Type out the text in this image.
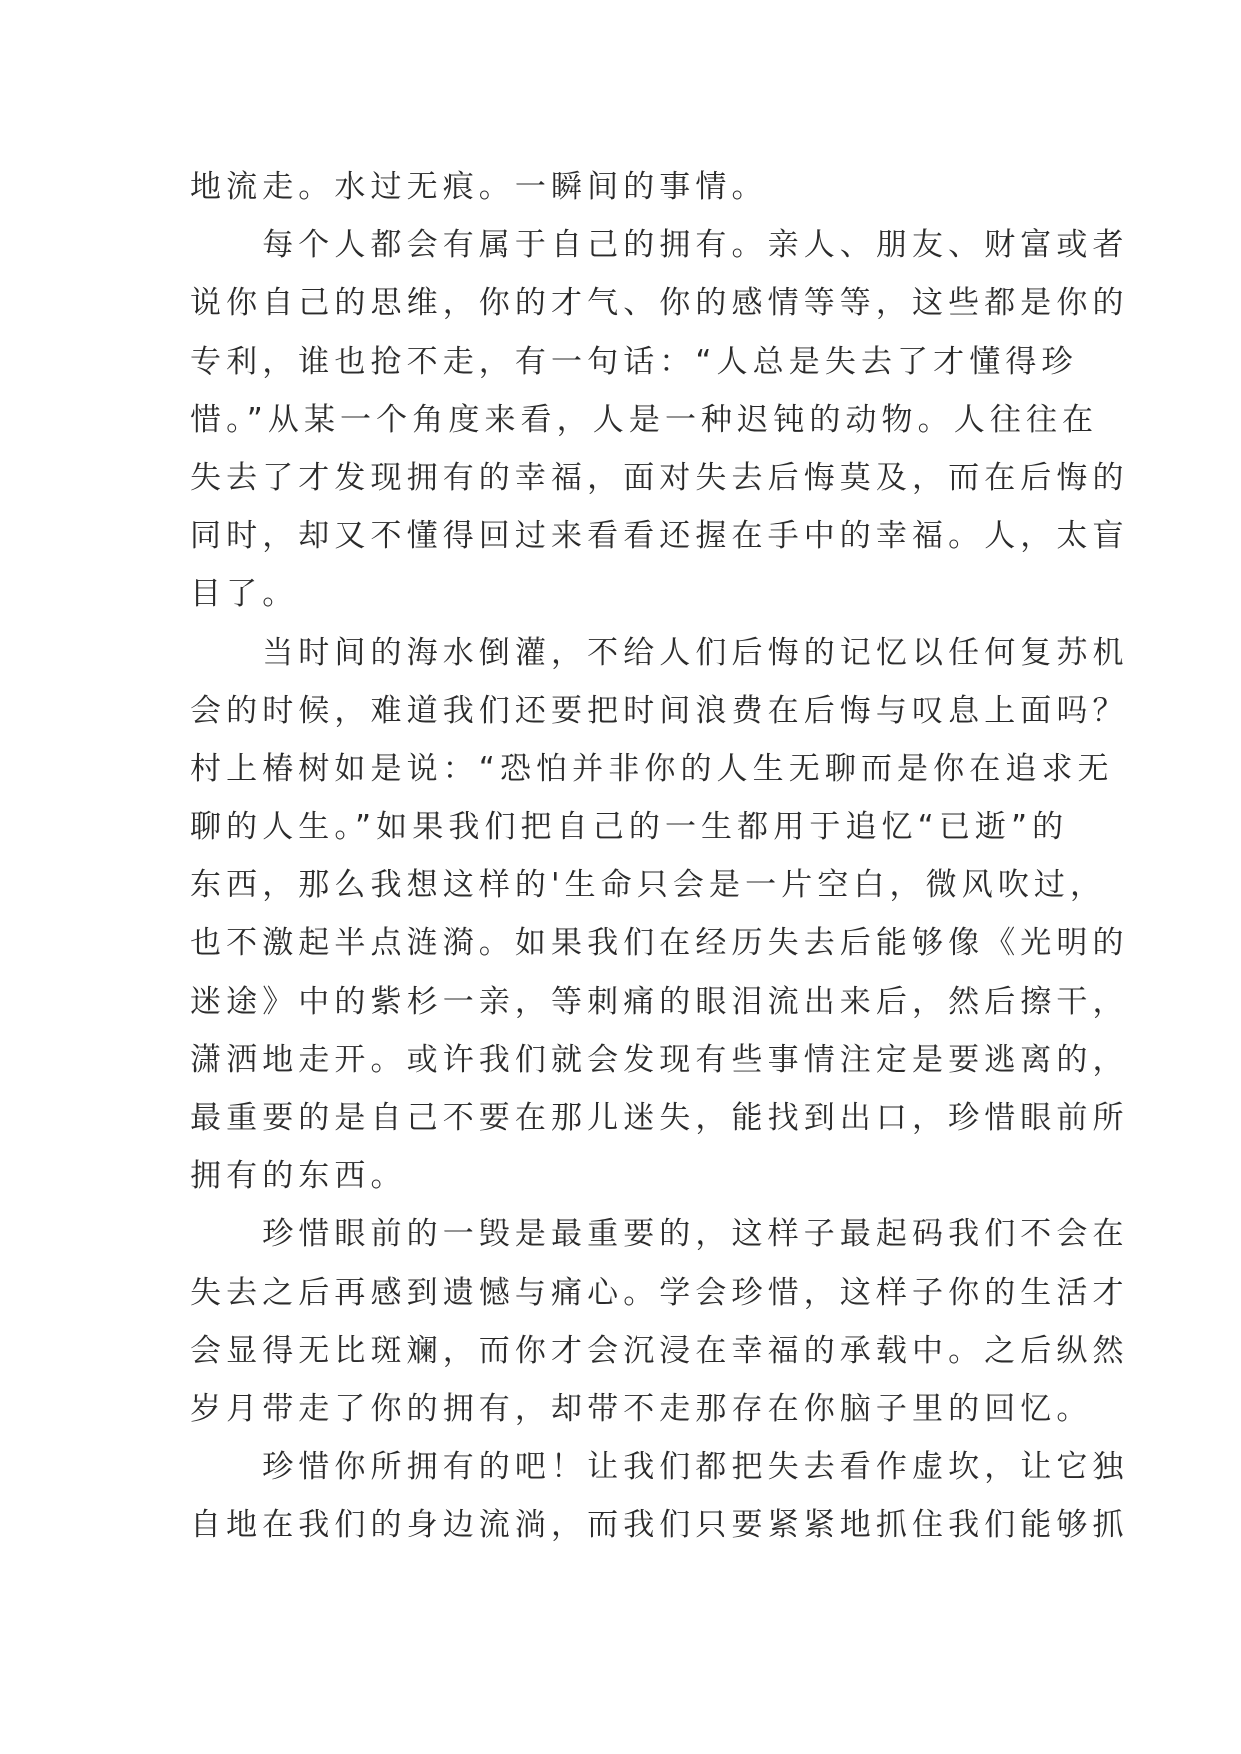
地流走。水过无痕。一瞬间的事情。
　　每个人都会有属于自己的拥有。亲人、朋友、财富或者
说你自己的思维，你的才气、你的感情等等，这些都是你的
专利，谁也抢不走，有一句话：“人总是失去了才懂得珍
惜。”从某一个角度来看，人是一种迟钝的动物。人往往在
失去了才发现拥有的幸福，面对失去后悔莫及，而在后悔的
同时，却又不懂得回过来看看还握在手中的幸福。人，太盲
目了。
　　当时间的海水倒灌，不给人们后悔的记忆以任何复苏机
会的时候，难道我们还要把时间浪费在后悔与叹息上面吗？
村上椿树如是说：“恐怕并非你的人生无聊而是你在追求无
聊的人生。”如果我们把自己的一生都用于追忆“已逝”的
东西，那么我想这样的'生命只会是一片空白，微风吹过，
也不激起半点涟漪。如果我们在经历失去后能够像《光明的
迷途》中的紫杉一亲，等刺痛的眼泪流出来后，然后擦干，
潇洒地走开。或许我们就会发现有些事情注定是要逃离的，
最重要的是自己不要在那儿迷失，能找到出口，珍惜眼前所
拥有的东西。
　　珍惜眼前的一毁是最重要的，这样子最起码我们不会在
失去之后再感到遗憾与痛心。学会珍惜，这样子你的生活才
会显得无比斑斓，而你才会沉浸在幸福的承载中。之后纵然
岁月带走了你的拥有，却带不走那存在你脑子里的回忆。
　　珍惜你所拥有的吧！让我们都把失去看作虚坎，让它独
自地在我们的身边流淌，而我们只要紧紧地抓住我们能够抓
